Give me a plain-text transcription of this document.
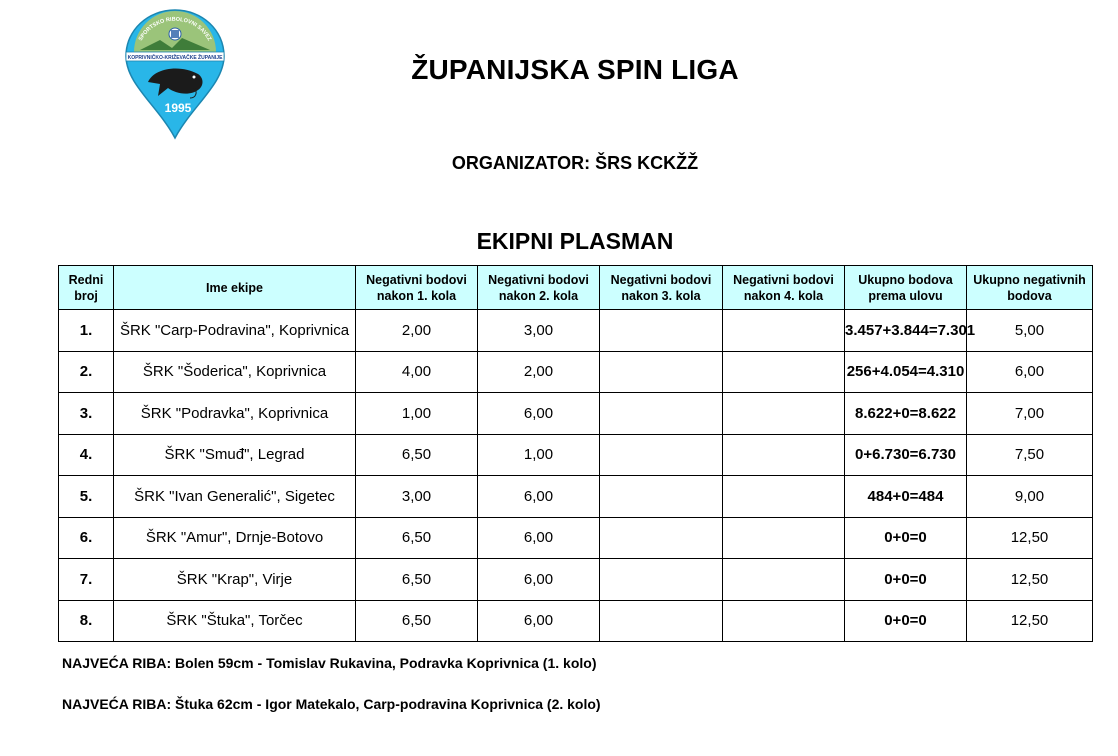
SPORTSKO RIBOLOVNI SAVEZ
KOPRIVNIČKO-KRIŽEVAČKE ŽUPANIJE
1995
ŽUPANIJSKA SPIN LIGA
ORGANIZATOR: ŠRS KCKŽŽ
EKIPNI PLASMAN
Redni broj	Ime ekipe	Negativni bodovi nakon 1. kola	Negativni bodovi nakon 2. kola	Negativni bodovi nakon 3. kola	Negativni bodovi nakon 4. kola	Ukupno bodova prema ulovu	Ukupno negativnih bodova
1.	ŠRK "Carp-Podravina", Koprivnica	2,00	3,00			3.457+3.844=7.301	5,00
2.	ŠRK "Šoderica", Koprivnica	4,00	2,00			256+4.054=4.310	6,00
3.	ŠRK "Podravka", Koprivnica	1,00	6,00			8.622+0=8.622	7,00
4.	ŠRK "Smuđ", Legrad	6,50	1,00			0+6.730=6.730	7,50
5.	ŠRK "Ivan Generalić", Sigetec	3,00	6,00			484+0=484	9,00
6.	ŠRK "Amur", Drnje-Botovo	6,50	6,00			0+0=0	12,50
7.	ŠRK "Krap", Virje	6,50	6,00			0+0=0	12,50
8.	ŠRK "Štuka", Torčec	6,50	6,00			0+0=0	12,50
NAJVEĆA RIBA: Bolen 59cm - Tomislav Rukavina, Podravka Koprivnica (1. kolo)
NAJVEĆA RIBA: Štuka 62cm - Igor Matekalo, Carp-podravina Koprivnica (2. kolo)
